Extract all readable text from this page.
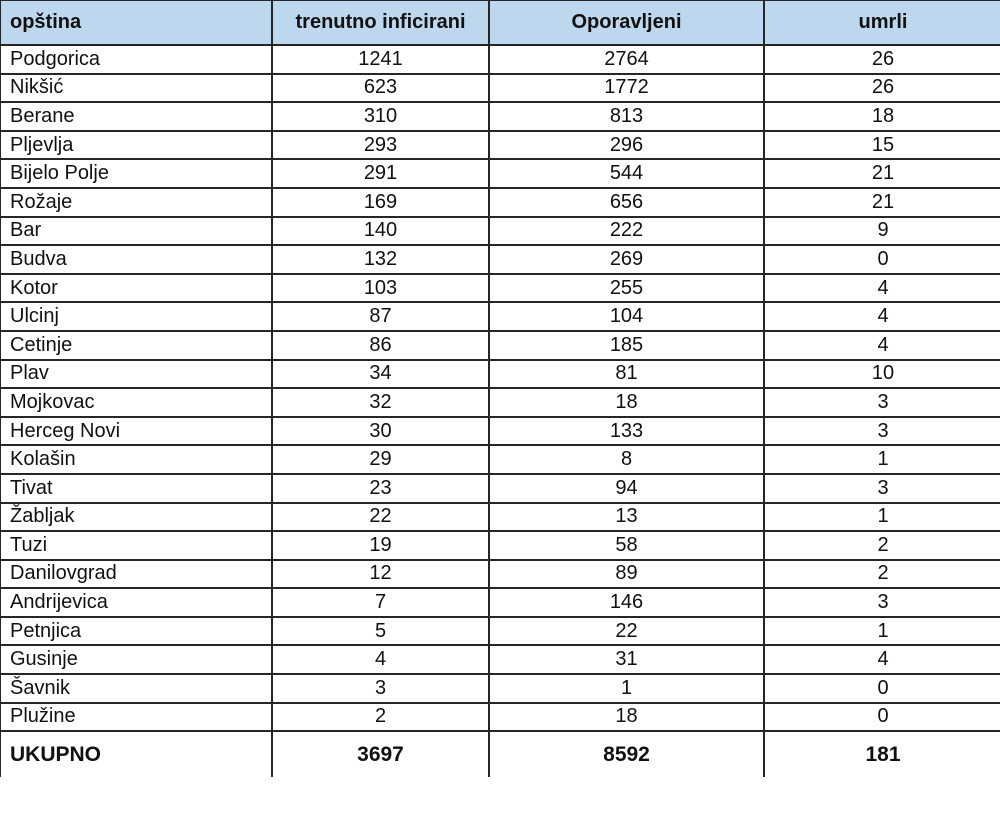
opština	trenutno inficirani	Oporavljeni	umrli
Podgorica	1241	2764	26
Nikšić	623	1772	26
Berane	310	813	18
Pljevlja	293	296	15
Bijelo Polje	291	544	21
Rožaje	169	656	21
Bar	140	222	9
Budva	132	269	0
Kotor	103	255	4
Ulcinj	87	104	4
Cetinje	86	185	4
Plav	34	81	10
Mojkovac	32	18	3
Herceg Novi	30	133	3
Kolašin	29	8	1
Tivat	23	94	3
Žabljak	22	13	1
Tuzi	19	58	2
Danilovgrad	12	89	2
Andrijevica	7	146	3
Petnjica	5	22	1
Gusinje	4	31	4
Šavnik	3	1	0
Plužine	2	18	0
UKUPNO	3697	8592	181
